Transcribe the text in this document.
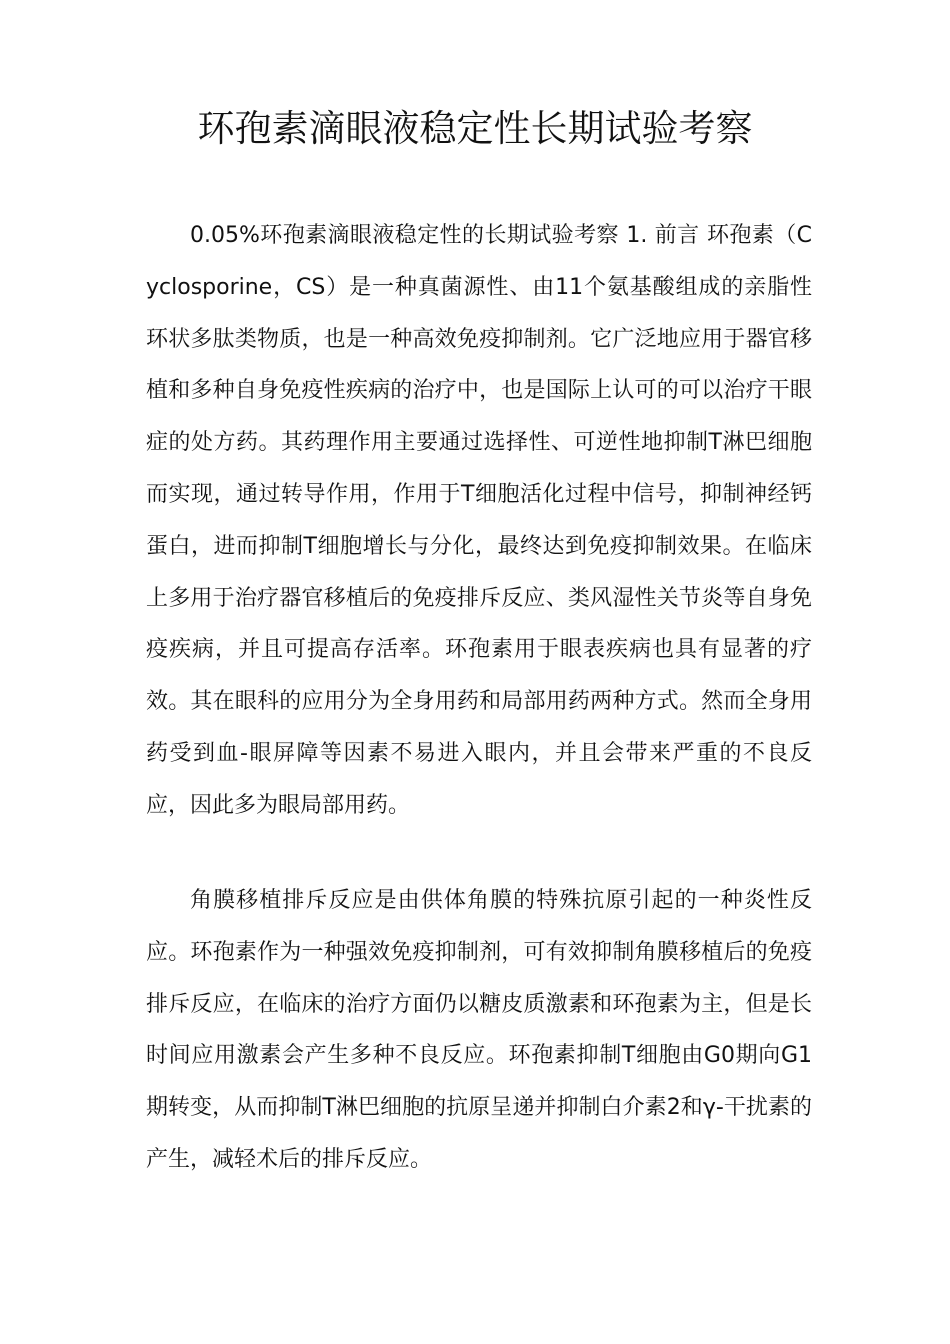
环孢素滴眼液稳定性长期试验考察

0.05%环孢素滴眼液稳定性的长期试验考察 1. 前言 环孢素（Cyclosporine，CS）是一种真菌源性、由11个氨基酸组成的亲脂性环状多肽类物质，也是一种高效免疫抑制剂。它广泛地应用于器官移植和多种自身免疫性疾病的治疗中，也是国际上认可的可以治疗干眼症的处方药。其药理作用主要通过选择性、可逆性地抑制T淋巴细胞而实现，通过转导作用，作用于T细胞活化过程中信号，抑制神经钙蛋白，进而抑制T细胞增长与分化，最终达到免疫抑制效果。在临床上多用于治疗器官移植后的免疫排斥反应、类风湿性关节炎等自身免疫疾病，并且可提高存活率。环孢素用于眼表疾病也具有显著的疗效。其在眼科的应用分为全身用药和局部用药两种方式。然而全身用药受到血-眼屏障等因素不易进入眼内，并且会带来严重的不良反应，因此多为眼局部用药。

角膜移植排斥反应是由供体角膜的特殊抗原引起的一种炎性反应。环孢素作为一种强效免疫抑制剂，可有效抑制角膜移植后的免疫排斥反应，在临床的治疗方面仍以糖皮质激素和环孢素为主，但是长时间应用激素会产生多种不良反应。环孢素抑制T细胞由G0期向G1期转变，从而抑制T淋巴细胞的抗原呈递并抑制白介素2和γ-干扰素的产生，减轻术后的排斥反应。
